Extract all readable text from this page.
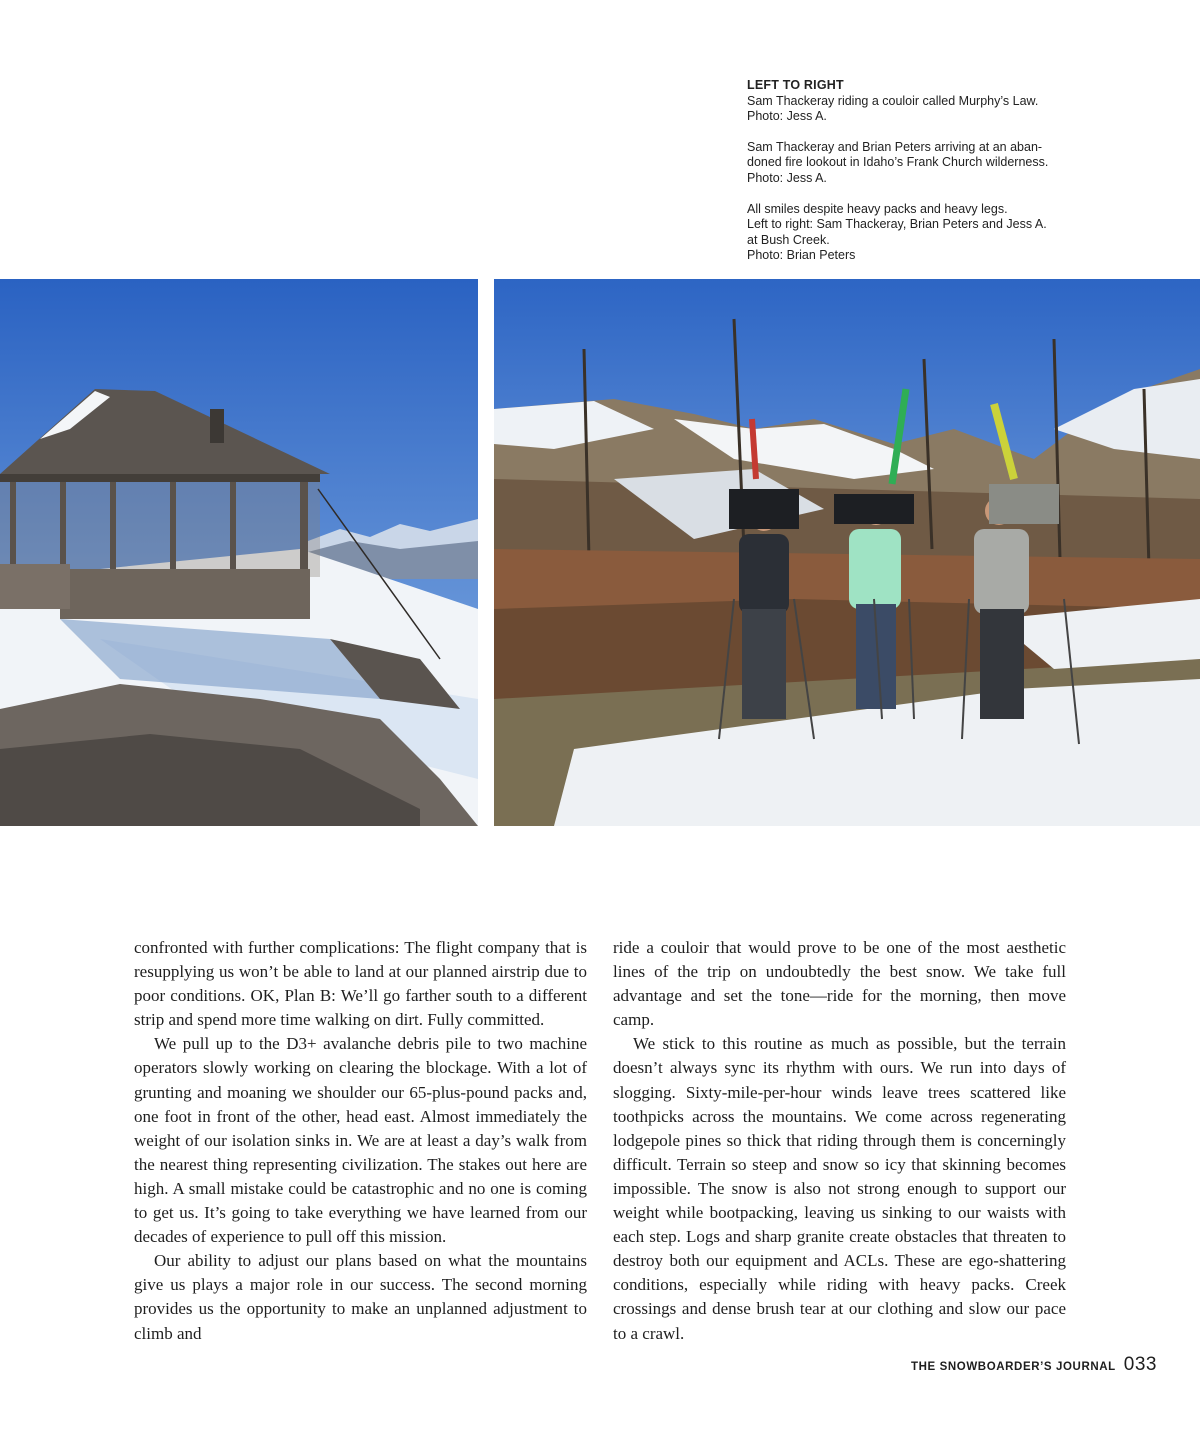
LEFT TO RIGHT
Sam Thackeray riding a couloir called Murphy’s Law.
Photo: Jess A.
Sam Thackeray and Brian Peters arriving at an aban-
doned fire lookout in Idaho’s Frank Church wilderness.
Photo: Jess A.
All smiles despite heavy packs and heavy legs.
Left to right: Sam Thackeray, Brian Peters and Jess A.
at Bush Creek.
Photo: Brian Peters

confronted with further complications: The flight company that is resupplying us won’t be able to land at our planned airstrip due to poor conditions. OK, Plan B: We’ll go farther south to a different strip and spend more time walking on dirt. Fully committed.

We pull up to the D3+ avalanche debris pile to two machine operators slowly working on clearing the blockage. With a lot of grunting and moaning we shoulder our 65-plus-pound packs and, one foot in front of the other, head east. Almost immediately the weight of our isolation sinks in. We are at least a day’s walk from the nearest thing representing civilization. The stakes out here are high. A small mistake could be catastrophic and no one is coming to get us. It’s going to take everything we have learned from our decades of experience to pull off this mission.

Our ability to adjust our plans based on what the mountains give us plays a major role in our success. The second morning provides us the opportunity to make an unplanned adjustment to climb and

ride a couloir that would prove to be one of the most aesthetic lines of the trip on undoubtedly the best snow. We take full advantage and set the tone—ride for the morning, then move camp.

We stick to this routine as much as possible, but the terrain doesn’t always sync its rhythm with ours. We run into days of slogging. Sixty-mile-per-hour winds leave trees scattered like toothpicks across the mountains. We come across regenerating lodgepole pines so thick that riding through them is concerningly difficult. Terrain so steep and snow so icy that skinning becomes impossible. The snow is also not strong enough to support our weight while bootpacking, leaving us sinking to our waists with each step. Logs and sharp granite create obstacles that threaten to destroy both our equipment and ACLs. These are ego-shattering conditions, especially while riding with heavy packs. Creek crossings and dense brush tear at our clothing and slow our pace to a crawl.

THE SNOWBOARDER’S JOURNAL 033
